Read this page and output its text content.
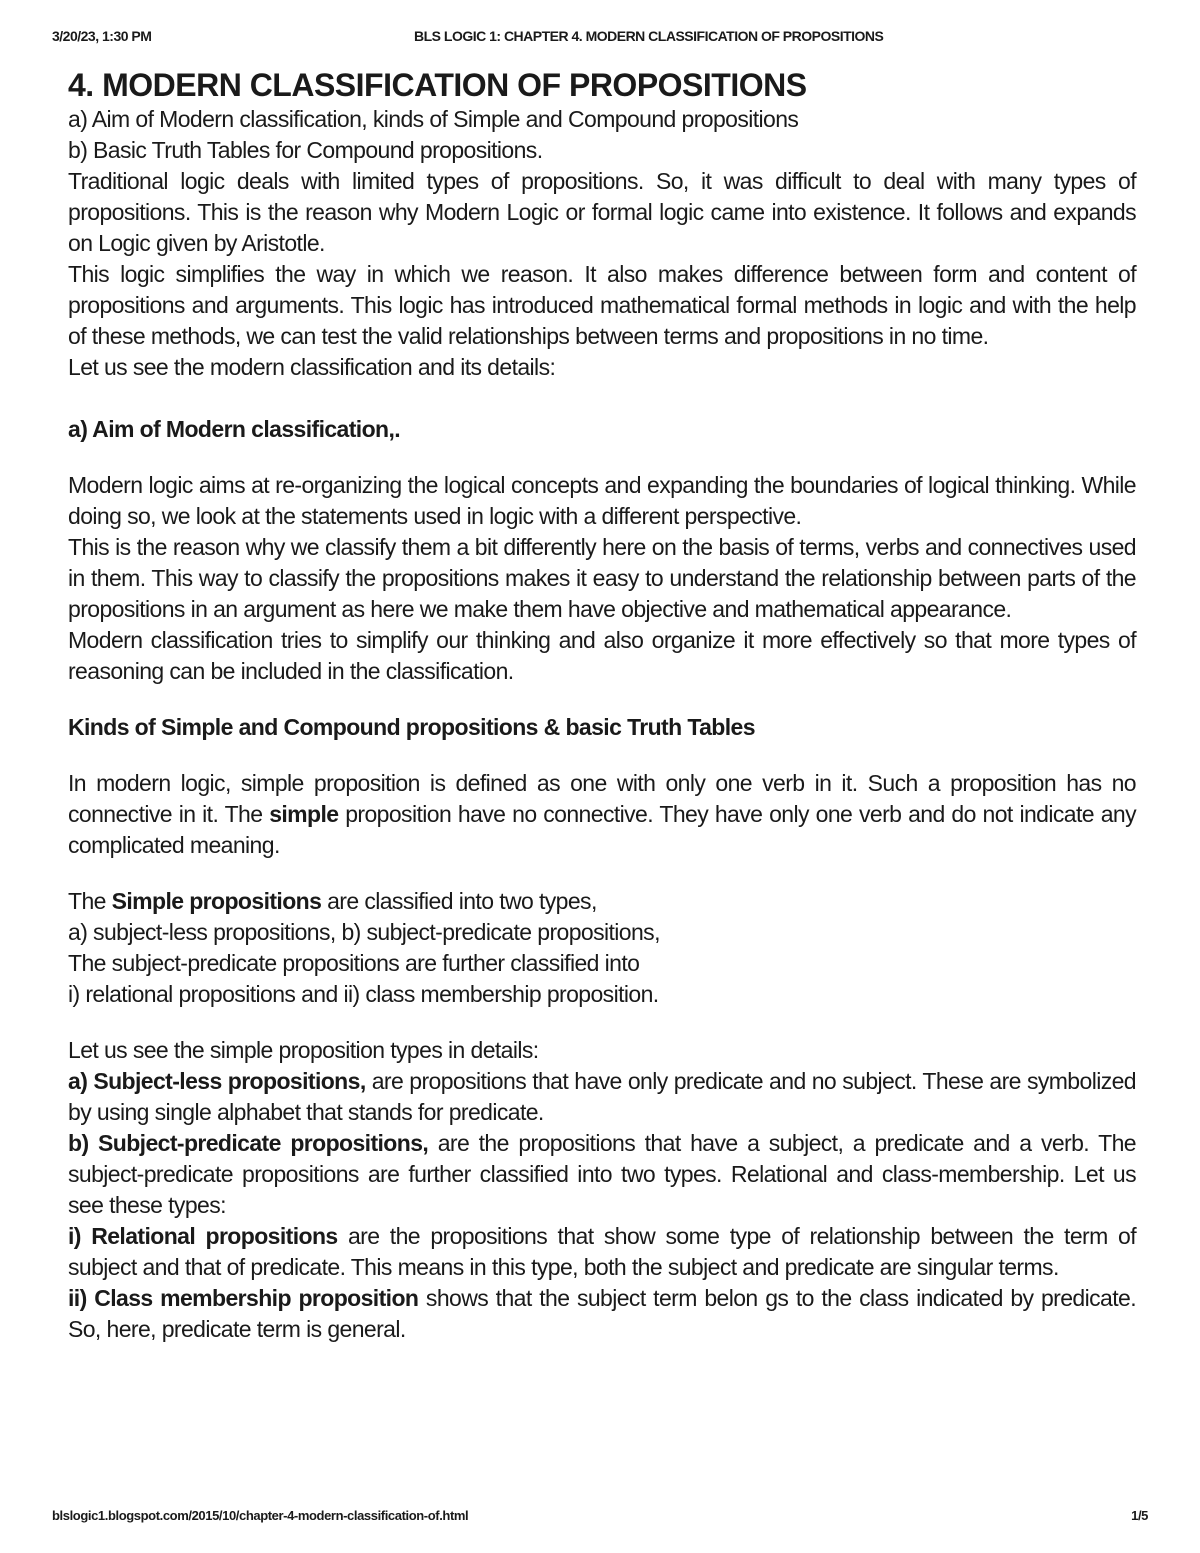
3/20/23, 1:30 PM	BLS LOGIC 1: CHAPTER 4. MODERN CLASSIFICATION OF PROPOSITIONS
4. MODERN CLASSIFICATION OF PROPOSITIONS

a) Aim of Modern classification, kinds of Simple and Compound propositions

b) Basic Truth Tables for Compound propositions.

Traditional logic deals with limited types of propositions. So, it was difficult to deal with many types of propositions. This is the reason why Modern Logic or formal logic came into existence. It follows and expands on Logic given by Aristotle.

This logic simplifies the way in which we reason. It also makes difference between form and content of propositions and arguments. This logic has introduced mathematical formal methods in logic and with the help of these methods, we can test the valid relationships between terms and propositions in no time.

Let us see the modern classification and its details:

a) Aim of Modern classification,.

Modern logic aims at re-organizing the logical concepts and expanding the boundaries of logical thinking. While doing so, we look at the statements used in logic with a different perspective.

This is the reason why we classify them a bit differently here on the basis of terms, verbs and connectives used in them. This way to classify the propositions makes it easy to understand the relationship between parts of the propositions in an argument as here we make them have objective and mathematical appearance.

Modern classification tries to simplify our thinking and also organize it more effectively so that more types of reasoning can be included in the classification.

Kinds of Simple and Compound propositions & basic Truth Tables

In modern logic, simple proposition is defined as one with only one verb in it. Such a proposition has no connective in it. The simple proposition have no connective. They have only one verb and do not indicate any complicated meaning.

The Simple propositions are classified into two types,

a) subject-less propositions, b) subject-predicate propositions,

The subject-predicate propositions are further classified into

i) relational propositions and ii) class membership proposition.

Let us see the simple proposition types in details:

a) Subject-less propositions, are propositions that have only predicate and no subject. These are symbolized by using single alphabet that stands for predicate.

b) Subject-predicate propositions, are the propositions that have a subject, a predicate and a verb. The subject-predicate propositions are further classified into two types. Relational and class-membership. Let us see these types:

i) Relational propositions are the propositions that show some type of relationship between the term of subject and that of predicate. This means in this type, both the subject and predicate are singular terms.

ii) Class membership proposition shows that the subject term belon gs to the class indicated by predicate. So, here, predicate term is general.

blslogic1.blogspot.com/2015/10/chapter-4-modern-classification-of.html	1/5
